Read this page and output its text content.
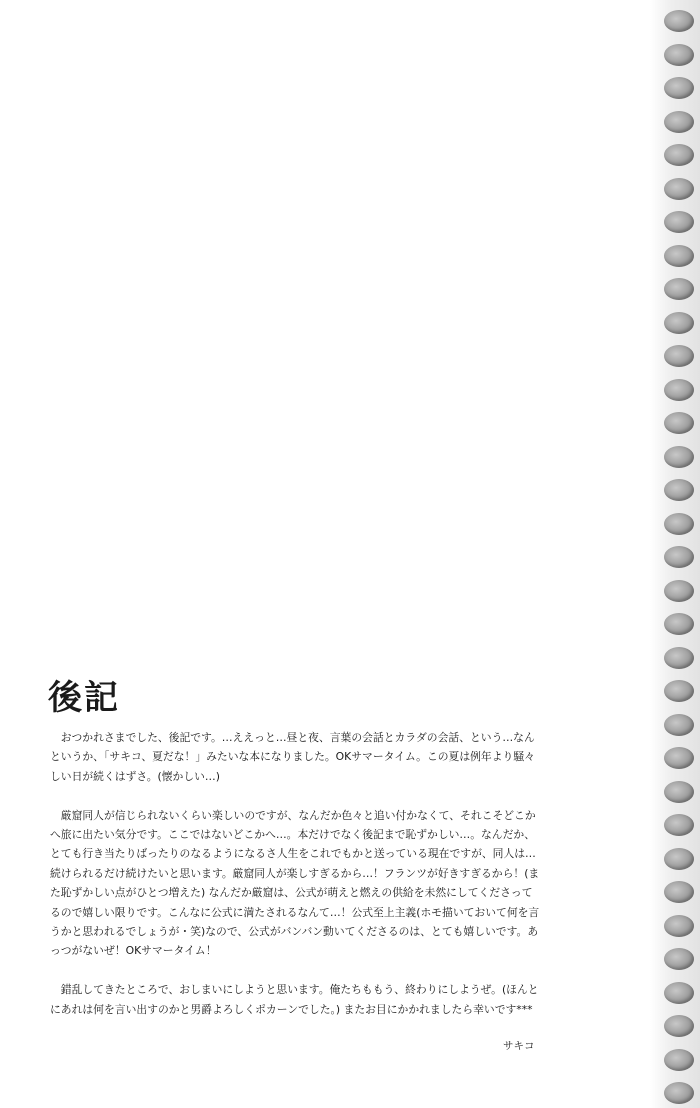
後記

おつかれさまでした、後記です。…ええっと…昼と夜、言葉の会話とカラダの会話、という…なんというか、「サキコ、夏だな！」みたいな本になりました。OKサマータイム。この夏は例年より騒々しい日が続くはずさ。(懐かしい…)

厳窟同人が信じられないくらい楽しいのですが、なんだか色々と追い付かなくて、それこそどこかへ旅に出たい気分です。ここではないどこかへ…。本だけでなく後記まで恥ずかしい…。なんだか、とても行き当たりばったりのなるようになるさ人生をこれでもかと送っている現在ですが、同人は…続けられるだけ続けたいと思います。厳窟同人が楽しすぎるから…！フランツが好きすぎるから！(また恥ずかしい点がひとつ増えた) なんだか厳窟は、公式が萌えと燃えの供給を未然にしてくださってるので嬉しい限りです。こんなに公式に満たされるなんて…！公式至上主義(ホモ描いておいて何を言うかと思われるでしょうが・笑)なので、公式がバンバン動いてくださるのは、とても嬉しいです。あっつがないぜ！OKサマータイム！

錯乱してきたところで、おしまいにしようと思います。俺たちももう、終わりにしようぜ。(ほんとにあれは何を言い出すのかと男爵よろしくポカーンでした。) またお目にかかれましたら幸いです***

サキコ
